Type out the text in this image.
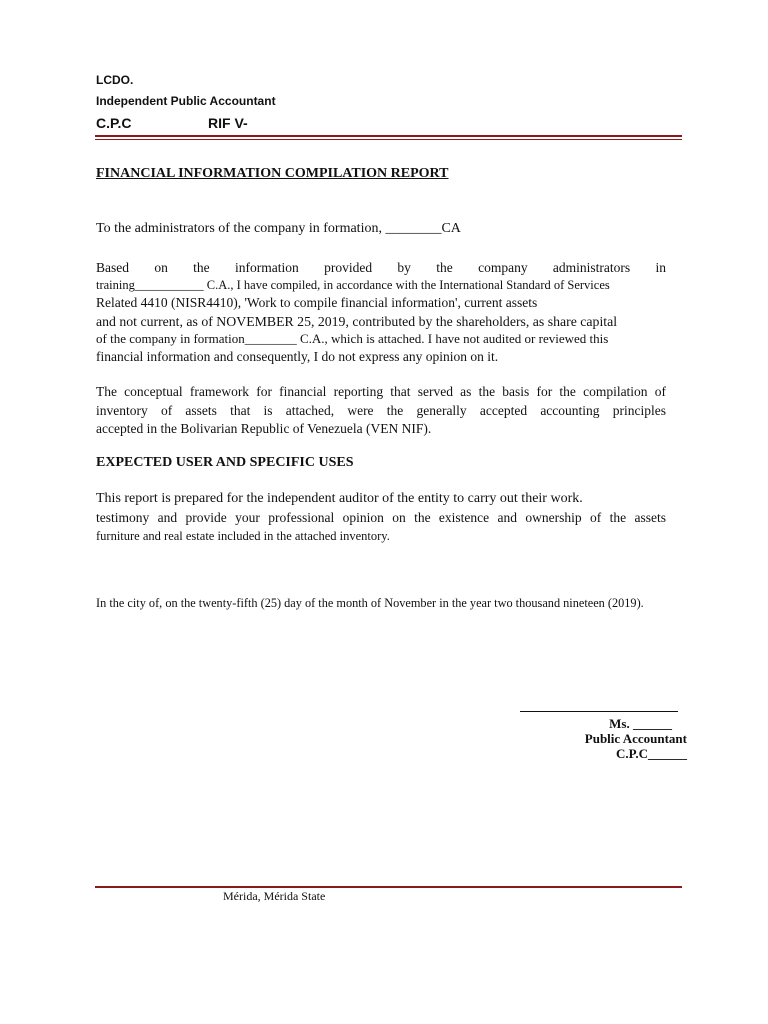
LCDO.
Independent Public Accountant
C.P.C	RIF V-
FINANCIAL INFORMATION COMPILATION REPORT
To the administrators of the company in formation, ________CA
Based on the information provided by the company administrators in
training___________ C.A., I have compiled, in accordance with the International Standard of Services
Related 4410 (NISR4410), 'Work to compile financial information', current assets
and not current, as of NOVEMBER 25, 2019, contributed by the shareholders, as share capital
of the company in formation________ C.A., which is attached. I have not audited or reviewed this
financial information and consequently, I do not express any opinion on it.
The conceptual framework for financial reporting that served as the basis for the compilation of
inventory of assets that is attached, were the generally accepted accounting principles
accepted in the Bolivarian Republic of Venezuela (VEN NIF).
EXPECTED USER AND SPECIFIC USES
This report is prepared for the independent auditor of the entity to carry out their work.
testimony and provide your professional opinion on the existence and ownership of the assets
furniture and real estate included in the attached inventory.
In the city of, on the twenty-fifth (25) day of the month of November in the year two thousand nineteen (2019).
Ms. ______
Public Accountant
C.P.C______
Mérida, Mérida State
